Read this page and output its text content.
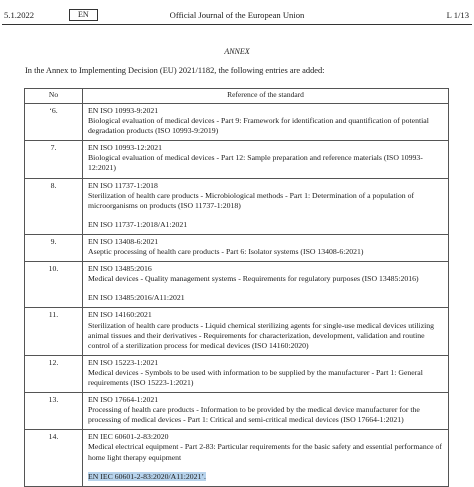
5.1.2022	EN	Official Journal of the European Union	L 1/13
ANNEX
In the Annex to Implementing Decision (EU) 2021/1182, the following entries are added:
No	Reference of the standard
‘6.	EN ISO 10993-9:2021
Biological evaluation of medical devices - Part 9: Framework for identification and quantification of potential degradation products (ISO 10993-9:2019)

7.	EN ISO 10993-12:2021
Biological evaluation of medical devices - Part 12: Sample preparation and reference materials (ISO 10993-12:2021)

8.	EN ISO 11737-1:2018
Sterilization of health care products - Microbiological methods - Part 1: Determination of a population of microorganisms on products (ISO 11737-1:2018)
EN ISO 11737-1:2018/A1:2021

9.	EN ISO 13408-6:2021
Aseptic processing of health care products - Part 6: Isolator systems (ISO 13408-6:2021)

10.	EN ISO 13485:2016
Medical devices - Quality management systems - Requirements for regulatory purposes (ISO 13485:2016)
EN ISO 13485:2016/A11:2021

11.	EN ISO 14160:2021
Sterilization of health care products - Liquid chemical sterilizing agents for single-use medical devices utilizing animal tissues and their derivatives - Requirements for characterization, development, validation and routine control of a sterilization process for medical devices (ISO 14160:2020)

12.	EN ISO 15223-1:2021
Medical devices - Symbols to be used with information to be supplied by the manufacturer - Part 1: General requirements (ISO 15223-1:2021)

13.	EN ISO 17664-1:2021
Processing of health care products - Information to be provided by the medical device manufacturer for the processing of medical devices - Part 1: Critical and semi-critical medical devices (ISO 17664-1:2021)

14.	EN IEC 60601-2-83:2020
Medical electrical equipment - Part 2-83: Particular requirements for the basic safety and essential performance of home light therapy equipment
EN IEC 60601-2-83:2020/A11:2021’.
